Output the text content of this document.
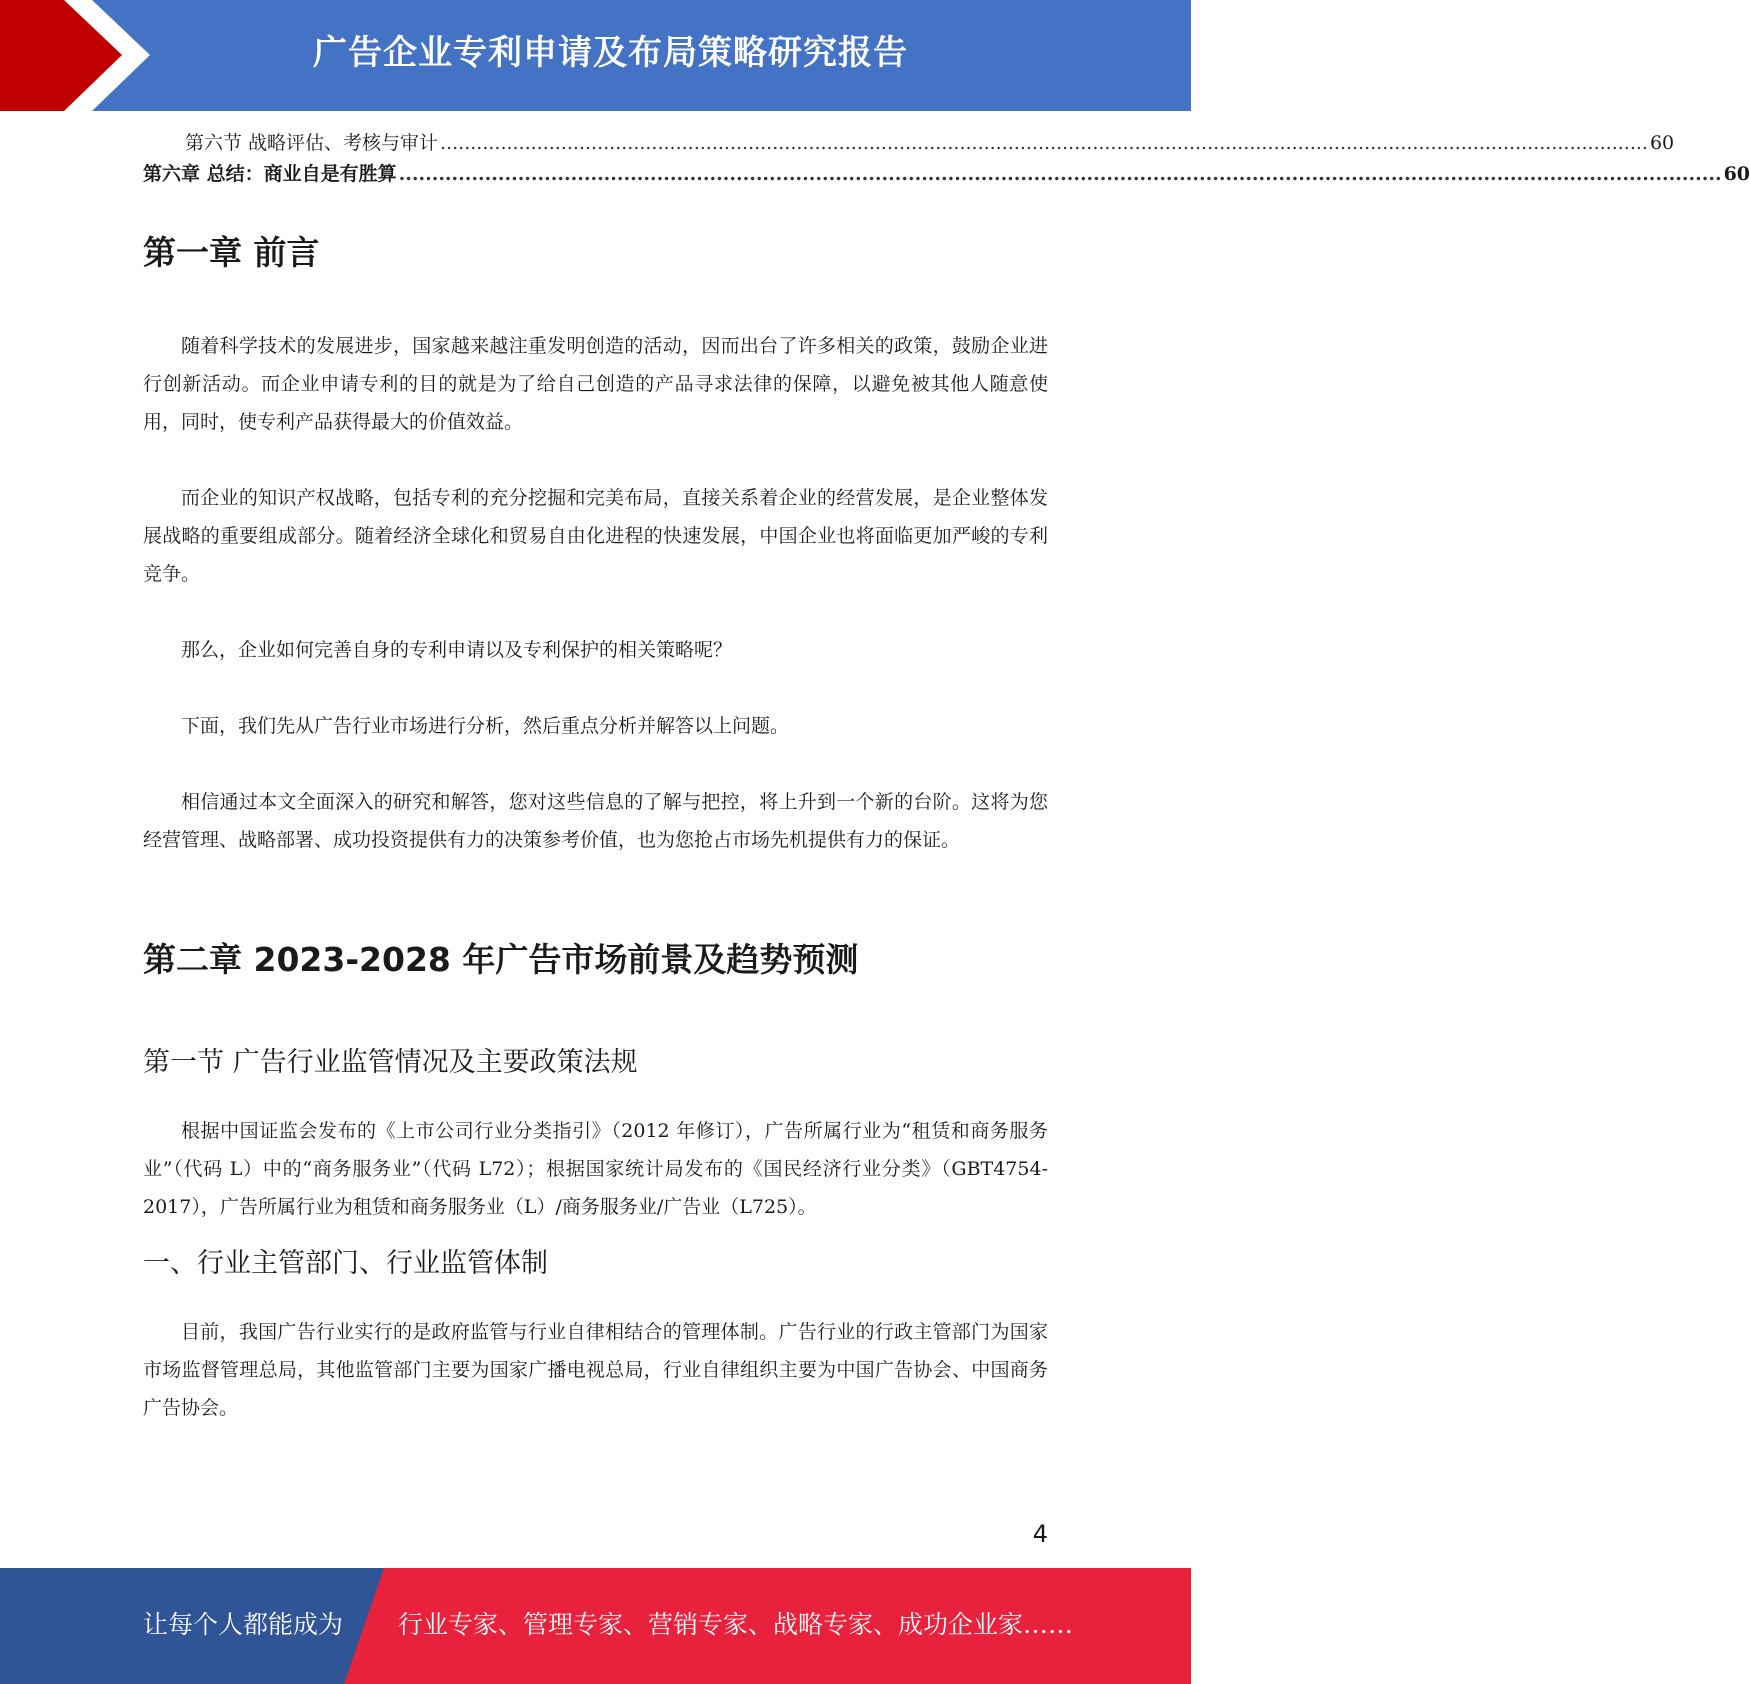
广告企业专利申请及布局策略研究报告
第六节 战略评估、考核与审计 ........................................................................................................................................................................................................ 60
第六章 总结：商业自是有胜算 ........................................................................................................................................................................................................ 60
第一章 前言
随着科学技术的发展进步，国家越来越注重发明创造的活动，因而出台了许多相关的政策，鼓励企业进行创新活动。而企业申请专利的目的就是为了给自己创造的产品寻求法律的保障，以避免被其他人随意使用，同时，使专利产品获得最大的价值效益。
而企业的知识产权战略，包括专利的充分挖掘和完美布局，直接关系着企业的经营发展，是企业整体发展战略的重要组成部分。随着经济全球化和贸易自由化进程的快速发展，中国企业也将面临更加严峻的专利竞争。
那么，企业如何完善自身的专利申请以及专利保护的相关策略呢？
下面，我们先从广告行业市场进行分析，然后重点分析并解答以上问题。
相信通过本文全面深入的研究和解答，您对这些信息的了解与把控，将上升到一个新的台阶。这将为您经营管理、战略部署、成功投资提供有力的决策参考价值，也为您抢占市场先机提供有力的保证。
第二章 2023-2028 年广告市场前景及趋势预测
第一节 广告行业监管情况及主要政策法规
根据中国证监会发布的《上市公司行业分类指引》（2012 年修订），广告所属行业为“租赁和商务服务业”（代码 L）中的“商务服务业”（代码 L72）；根据国家统计局发布的《国民经济行业分类》（GBT4754-2017），广告所属行业为租赁和商务服务业（L）/商务服务业/广告业（L725）。
一、行业主管部门、行业监管体制
目前，我国广告行业实行的是政府监管与行业自律相结合的管理体制。广告行业的行政主管部门为国家市场监督管理总局，其他监管部门主要为国家广播电视总局，行业自律组织主要为中国广告协会、中国商务广告协会。
4
让每个人都能成为 行业专家、管理专家、营销专家、战略专家、成功企业家……
